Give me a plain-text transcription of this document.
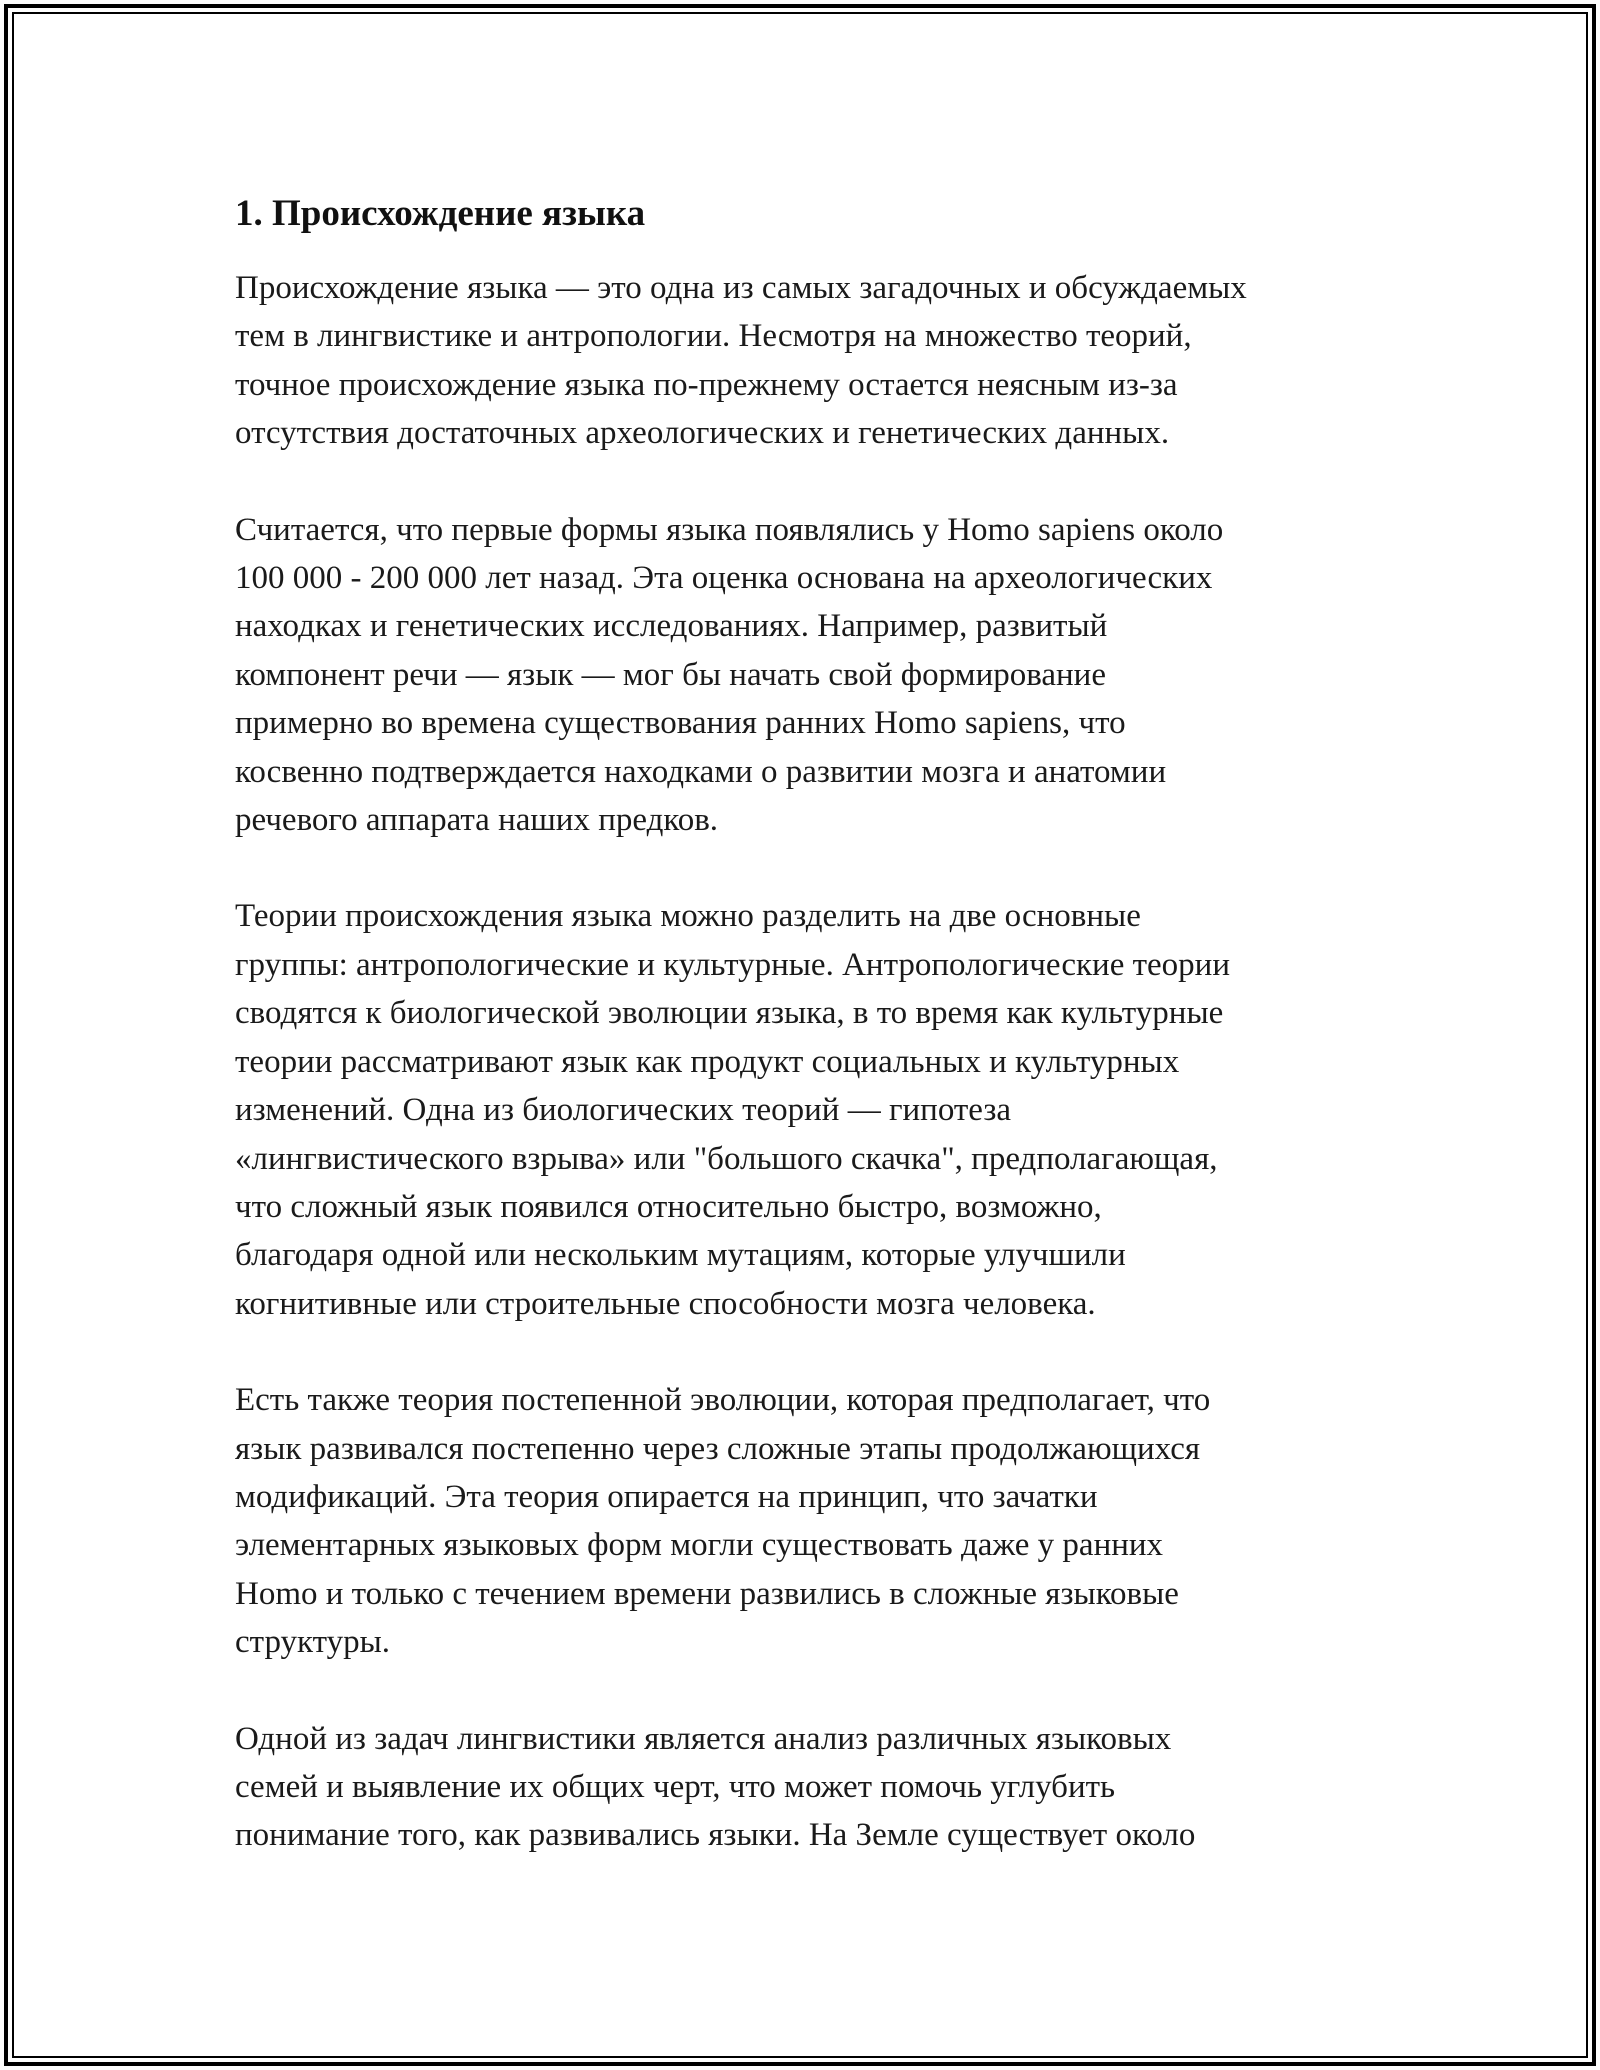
1. Происхождение языка

Происхождение языка — это одна из самых загадочных и обсуждаемых
тем в лингвистике и антропологии. Несмотря на множество теорий,
точное происхождение языка по-прежнему остается неясным из-за
отсутствия достаточных археологических и генетических данных.

Считается, что первые формы языка появлялись у Homo sapiens около
100 000 - 200 000 лет назад. Эта оценка основана на археологических
находках и генетических исследованиях. Например, развитый
компонент речи — язык — мог бы начать свой формирование
примерно во времена существования ранних Homo sapiens, что
косвенно подтверждается находками о развитии мозга и анатомии
речевого аппарата наших предков.

Теории происхождения языка можно разделить на две основные
группы: антропологические и культурные. Антропологические теории
сводятся к биологической эволюции языка, в то время как культурные
теории рассматривают язык как продукт социальных и культурных
изменений. Одна из биологических теорий — гипотеза
«лингвистического взрыва» или "большого скачка", предполагающая,
что сложный язык появился относительно быстро, возможно,
благодаря одной или нескольким мутациям, которые улучшили
когнитивные или строительные способности мозга человека.

Есть также теория постепенной эволюции, которая предполагает, что
язык развивался постепенно через сложные этапы продолжающихся
модификаций. Эта теория опирается на принцип, что зачатки
элементарных языковых форм могли существовать даже у ранних
Homo и только с течением времени развились в сложные языковые
структуры.

Одной из задач лингвистики является анализ различных языковых
семей и выявление их общих черт, что может помочь углубить
понимание того, как развивались языки. На Земле существует около
